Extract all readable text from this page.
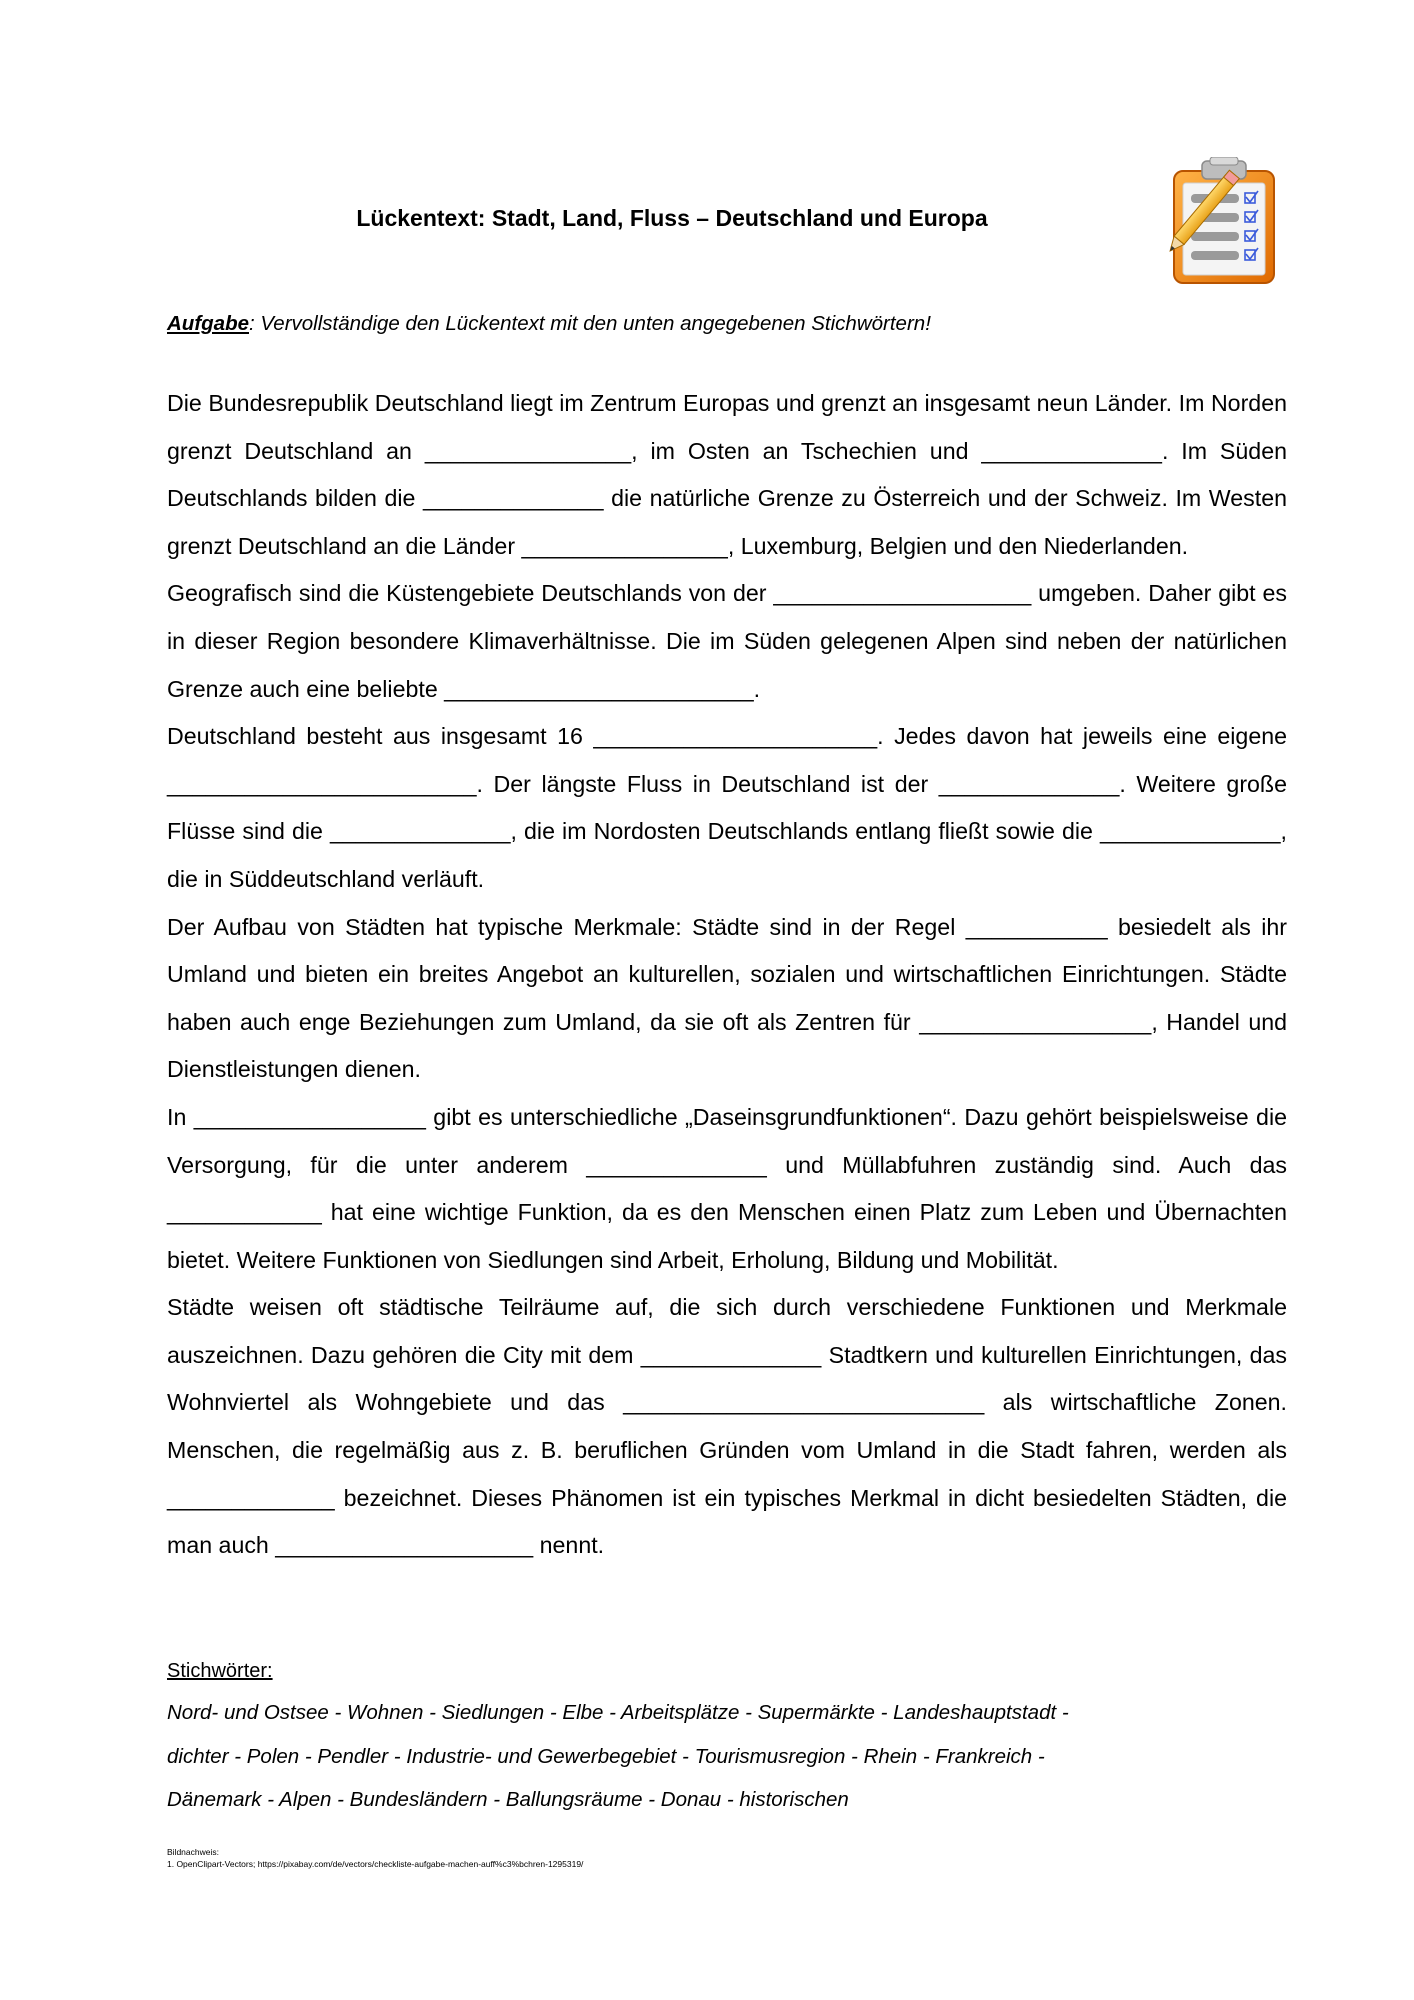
Lückentext: Stadt, Land, Fluss – Deutschland und Europa
Aufgabe: Vervollständige den Lückentext mit den unten angegebenen Stichwörtern!

Die Bundesrepublik Deutschland liegt im Zentrum Europas und grenzt an insgesamt neun Länder. Im Norden grenzt Deutschland an ________________, im Osten an Tschechien und ______________. Im Süden Deutschlands bilden die ______________ die natürliche Grenze zu Österreich und der Schweiz. Im Westen grenzt Deutschland an die Länder ________________, Luxemburg, Belgien und den Niederlanden.

Geografisch sind die Küstengebiete Deutschlands von der ____________________ umgeben. Daher gibt es in dieser Region besondere Klimaverhältnisse. Die im Süden gelegenen Alpen sind neben der natürlichen Grenze auch eine beliebte ________________________.

Deutschland besteht aus insgesamt 16 ______________________. Jedes davon hat jeweils eine eigene ________________________. Der längste Fluss in Deutschland ist der ______________. Weitere große Flüsse sind die ______________, die im Nordosten Deutschlands entlang fließt sowie die ______________, die in Süddeutschland verläuft.

Der Aufbau von Städten hat typische Merkmale: Städte sind in der Regel ___________ besiedelt als ihr Umland und bieten ein breites Angebot an kulturellen, sozialen und wirtschaftlichen Einrichtungen. Städte haben auch enge Beziehungen zum Umland, da sie oft als Zentren für __________________, Handel und Dienstleistungen dienen.

In __________________ gibt es unterschiedliche „Daseinsgrundfunktionen“. Dazu gehört beispielsweise die Versorgung, für die unter anderem ______________ und Müllabfuhren zuständig sind. Auch das ____________ hat eine wichtige Funktion, da es den Menschen einen Platz zum Leben und Übernachten bietet. Weitere Funktionen von Siedlungen sind Arbeit, Erholung, Bildung und Mobilität.

Städte weisen oft städtische Teilräume auf, die sich durch verschiedene Funktionen und Merkmale auszeichnen. Dazu gehören die City mit dem ______________ Stadtkern und kulturellen Einrichtungen, das Wohnviertel als Wohngebiete und das ____________________________ als wirtschaftliche Zonen. Menschen, die regelmäßig aus z. B. beruflichen Gründen vom Umland in die Stadt fahren, werden als _____________ bezeichnet. Dieses Phänomen ist ein typisches Merkmal in dicht besiedelten Städten, die man auch ____________________ nennt.

Stichwörter:
Nord- und Ostsee - Wohnen - Siedlungen - Elbe - Arbeitsplätze - Supermärkte - Landeshauptstadt -
dichter - Polen - Pendler - Industrie- und Gewerbegebiet - Tourismusregion - Rhein - Frankreich -
Dänemark - Alpen - Bundesländern - Ballungsräume - Donau - historischen
Bildnachweis:
1. OpenClipart-Vectors; https://pixabay.com/de/vectors/checkliste-aufgabe-machen-auff%c3%bchren-1295319/
